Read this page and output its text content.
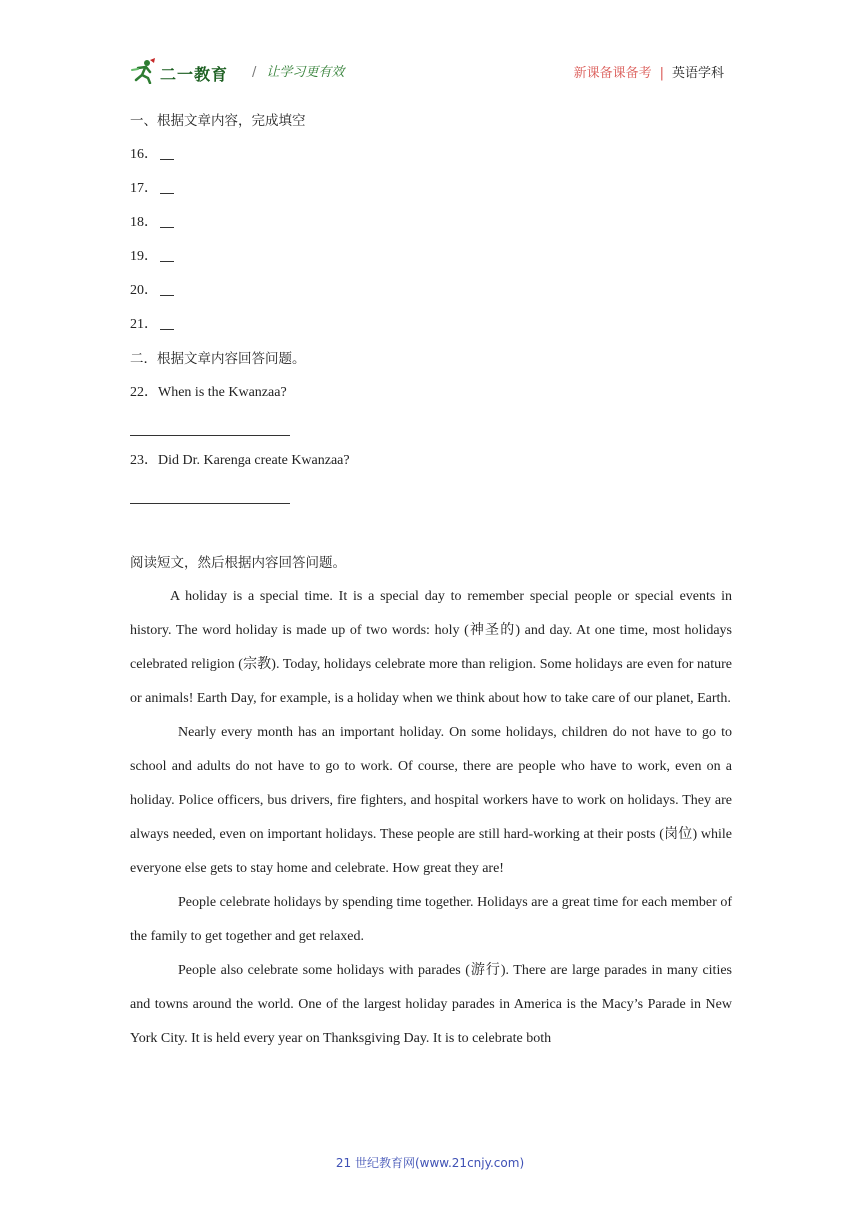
二一教育 / 让学习更有效	新课备课备考 | 英语学科
一、根据文章内容，完成填空
16．
17．
18．
19．
20．
21．
二．根据文章内容回答问题。
22．When is the Kwanzaa?
23．Did Dr. Karenga create Kwanzaa?
阅读短文，然后根据内容回答问题。

A holiday is a special time. It is a special day to remember special people or special events in history. The word holiday is made up of two words: holy (神圣的) and day. At one time, most holidays celebrated religion (宗教). Today, holidays celebrate more than religion. Some holidays are even for nature or animals! Earth Day, for example, is a holiday when we think about how to take care of our planet, Earth.

Nearly every month has an important holiday. On some holidays, children do not have to go to school and adults do not have to go to work. Of course, there are people who have to work, even on a holiday. Police officers, bus drivers, fire fighters, and hospital workers have to work on holidays. They are always needed, even on important holidays. These people are still hard-working at their posts (岗位) while everyone else gets to stay home and celebrate. How great they are!

People celebrate holidays by spending time together. Holidays are a great time for each member of the family to get together and get relaxed.

People also celebrate some holidays with parades (游行). There are large parades in many cities and towns around the world. One of the largest holiday parades in America is the Macy’s Parade in New York City. It is held every year on Thanksgiving Day. It is to celebrate both

21 世纪教育网(www.21cnjy.com)
